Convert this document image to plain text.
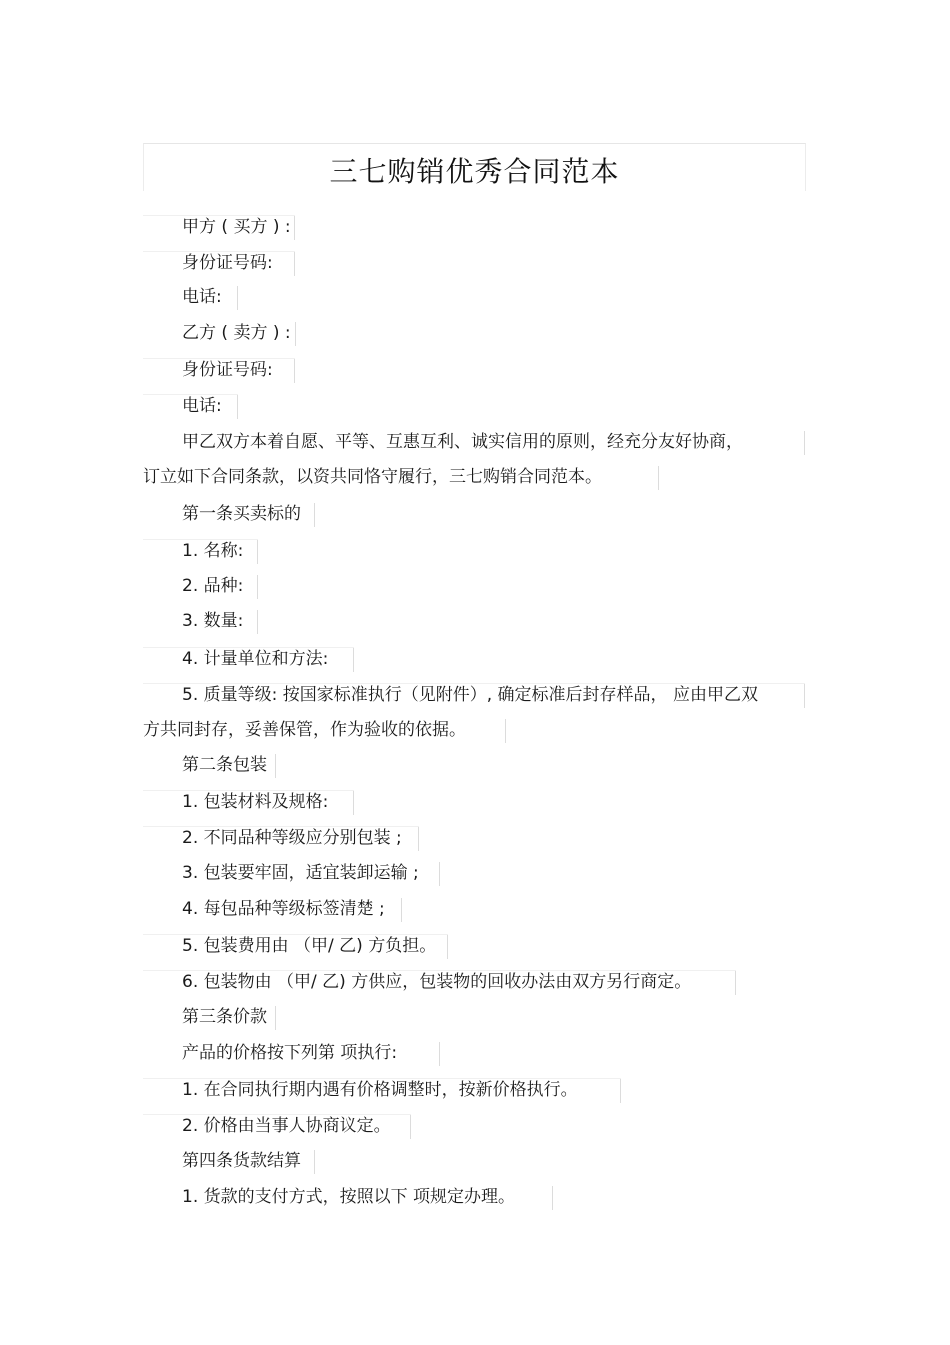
三七购销优秀合同范本
甲方 ( 买方 ) :
身份证号码:
电话:
乙方 ( 卖方 ) :
身份证号码:
电话:
甲乙双方本着自愿、平等、互惠互利、诚实信用的原则，经充分友好协商，
订立如下合同条款，以资共同恪守履行，三七购销合同范本。
第一条买卖标的
1. 名称:
2. 品种:
3. 数量:
4. 计量单位和方法:
5. 质量等级: 按国家标准执行（见附件）, 确定标准后封存样品， 应由甲乙双
方共同封存，妥善保管，作为验收的依据。
第二条包装
1. 包装材料及规格:
2. 不同品种等级应分别包装 ;
3. 包装要牢固，适宜装卸运输 ;
4. 每包品种等级标签清楚 ;
5. 包装费用由 （甲/ 乙) 方负担。
6. 包装物由 （甲/ 乙) 方供应，包装物的回收办法由双方另行商定。
第三条价款
产品的价格按下列第 项执行:
1. 在合同执行期内遇有价格调整时，按新价格执行。
2. 价格由当事人协商议定。
第四条货款结算
1. 货款的支付方式，按照以下 项规定办理。
